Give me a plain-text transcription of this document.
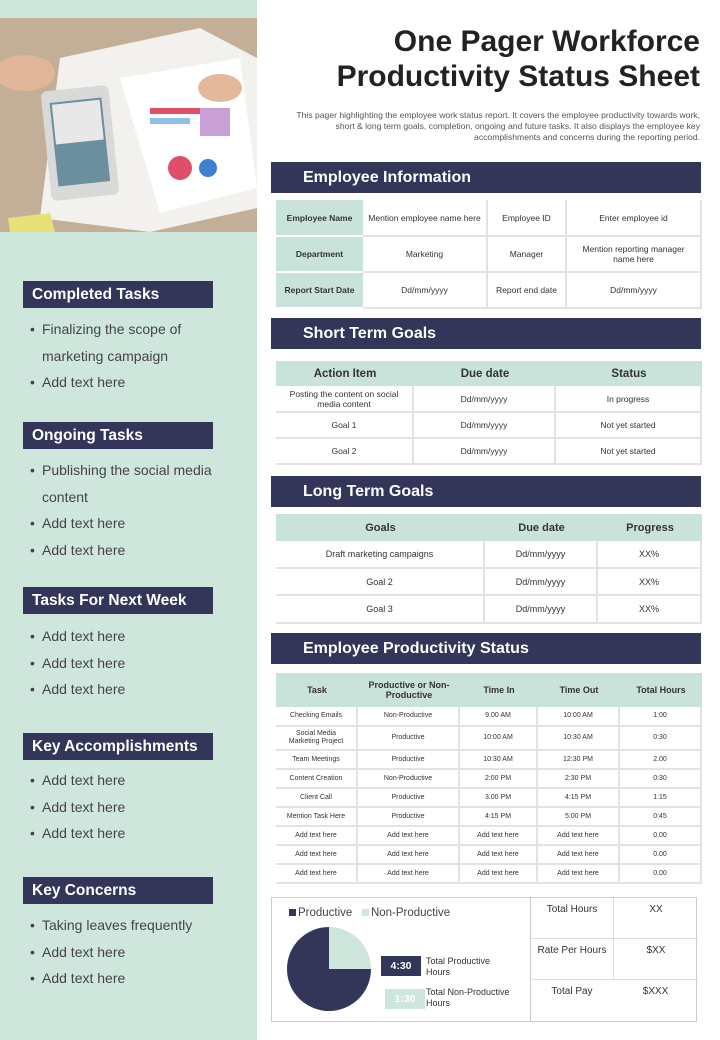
Completed Tasks
• Finalizing the scope of marketing campaign
• Add text here
Ongoing Tasks
• Publishing the social media content
• Add text here
• Add text here
Tasks For Next Week
• Add text here
• Add text here
• Add text here
Key Accomplishments
• Add text here
• Add text here
• Add text here
Key Concerns
• Taking leaves frequently
• Add text here
• Add text here
One Pager Workforce
Productivity Status Sheet
This pager highlighting the employee work status report. It covers the employee productivity towards work, short & long term goals, completion, ongoing and future tasks. It also displays the employee key accomplishments and concerns during the reporting period.
Employee Information
Employee Name	Mention employee name here	Employee ID	Enter employee id
Department	Marketing	Manager	Mention reporting manager name here
Report Start Date	Dd/mm/yyyy	Report end date	Dd/mm/yyyy
Short Term Goals
Action Item	Due date	Status
Posting the content on social media content	Dd/mm/yyyy	In progress
Goal 1	Dd/mm/yyyy	Not yet started
Goal 2	Dd/mm/yyyy	Not yet started
Long Term Goals
Goals	Due date	Progress
Draft marketing campaigns	Dd/mm/yyyy	XX%
Goal 2	Dd/mm/yyyy	XX%
Goal 3	Dd/mm/yyyy	XX%
Employee Productivity Status
Task	Productive or Non-Productive	Time In	Time Out	Total Hours
Checking Emails	Non-Productive	9.00 AM	10:00 AM	1:00
Social Media Marketing Project	Productive	10:00 AM	10:30 AM	0:30
Team Meetings	Productive	10:30 AM	12:30 PM	2.00
Content Creation	Non-Productive	2:00 PM	2:30 PM	0:30
Client Call	Productive	3.00 PM	4:15 PM	1:15
Mention Task Here	Productive	4:15 PM	5:00 PM	0:45
Add text here	Add text here	Add text here	Add text here	0.00
Add text here	Add text here	Add text here	Add text here	0.00
Add text here	Add text here	Add text here	Add text here	0.00
Productive Non-Productive
4:30	Total Productive Hours
1:30
Total Non-Productive Hours
Total Hours	XX
Rate Per Hours	$XX
Total Pay	$XXX
